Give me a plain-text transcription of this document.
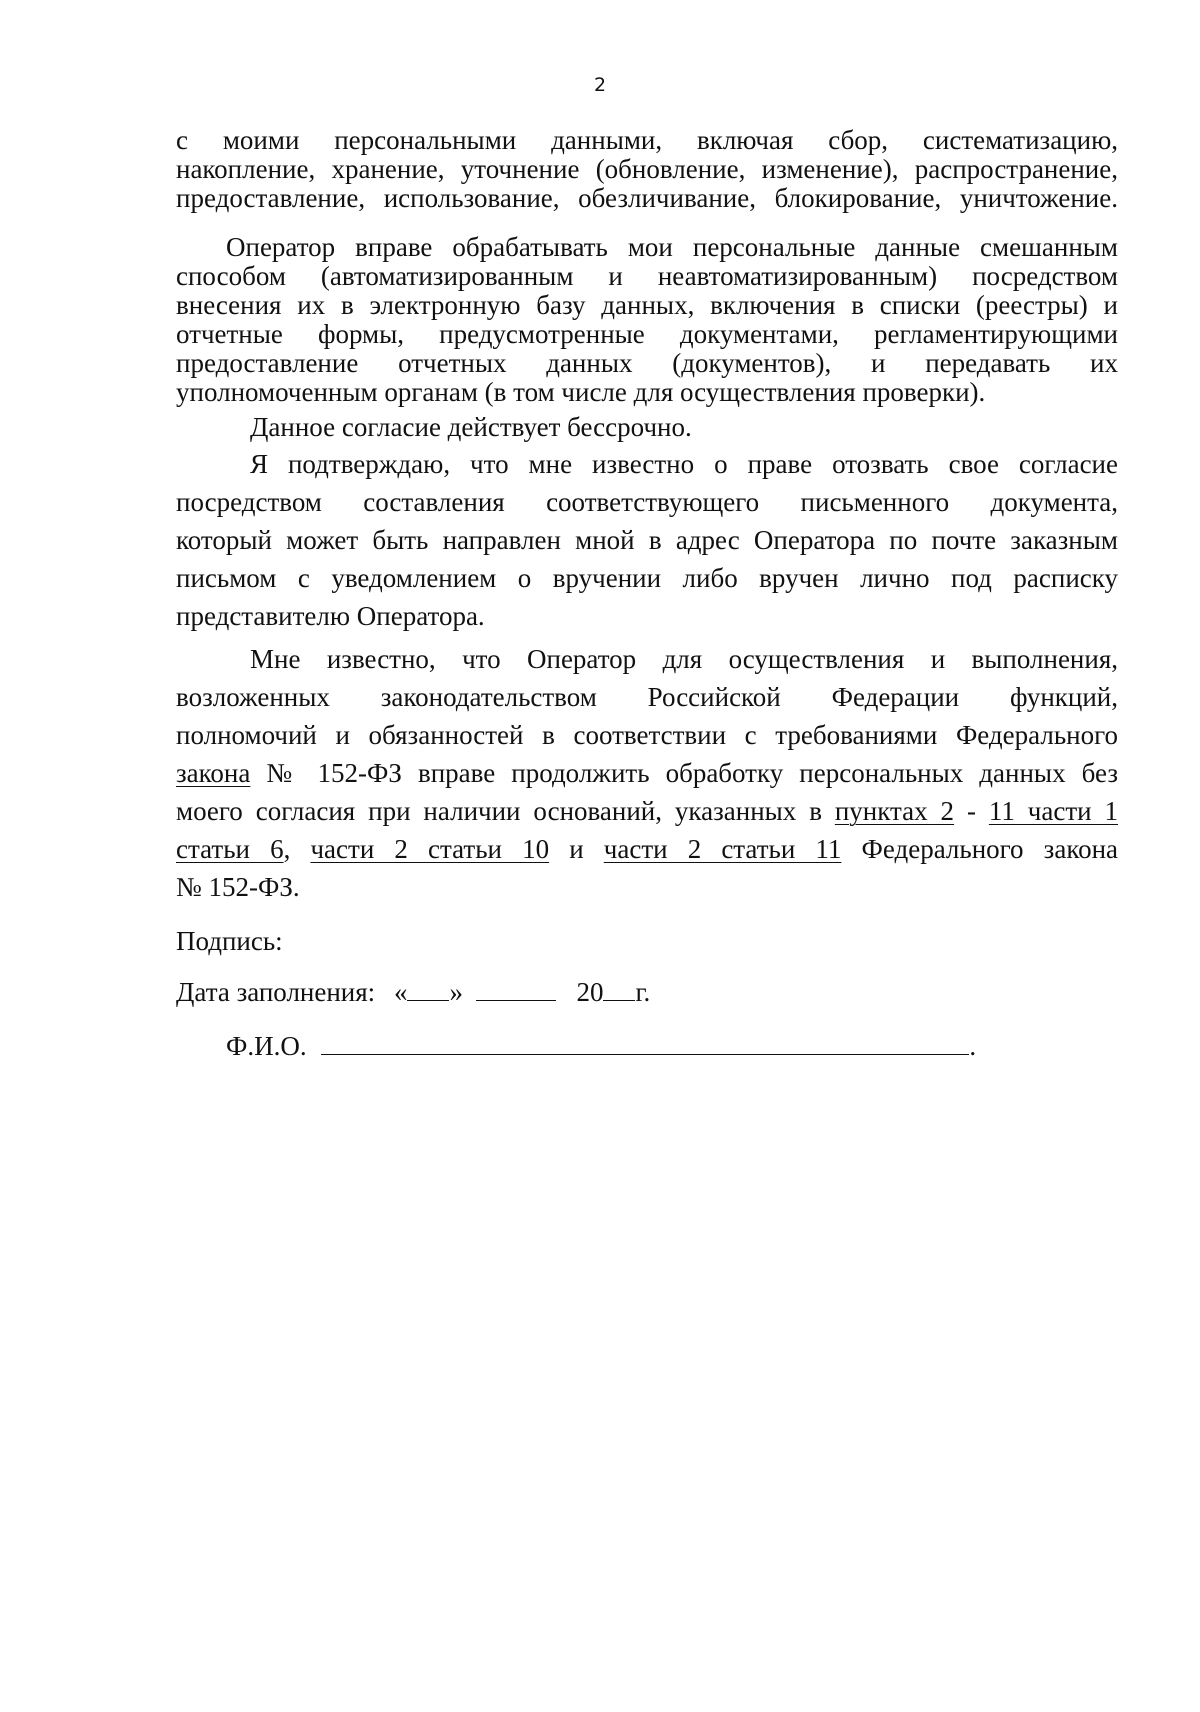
2

с моими персональными данными, включая сбор, систематизацию,
накопление, хранение, уточнение (обновление, изменение), распространение,
предоставление, использование, обезличивание, блокирование, уничтожение.

Оператор вправе обрабатывать мои персональные данные смешанным
способом (автоматизированным и неавтоматизированным) посредством
внесения их в электронную базу данных, включения в списки (реестры) и
отчетные формы, предусмотренные документами, регламентирующими
предоставление отчетных данных (документов), и передавать их
уполномоченным органам (в том числе для осуществления проверки).

Данное согласие действует бессрочно.

Я подтверждаю, что мне известно о праве отозвать свое согласие
посредством составления соответствующего письменного документа,
который может быть направлен мной в адрес Оператора по почте заказным
письмом с уведомлением о вручении либо вручен лично под расписку
представителю Оператора.

Мне известно, что Оператор для осуществления и выполнения,
возложенных законодательством Российской Федерации функций,
полномочий и обязанностей в соответствии с требованиями Федерального
закона № 152-ФЗ вправе продолжить обработку персональных данных без
моего согласия при наличии оснований, указанных в пунктах 2 - 11 части 1
статьи 6, части 2 статьи 10 и части 2 статьи 11 Федерального закона
№ 152-ФЗ.

Подпись:
Дата заполнения: « »	20 г.
Ф.И.О.	.
